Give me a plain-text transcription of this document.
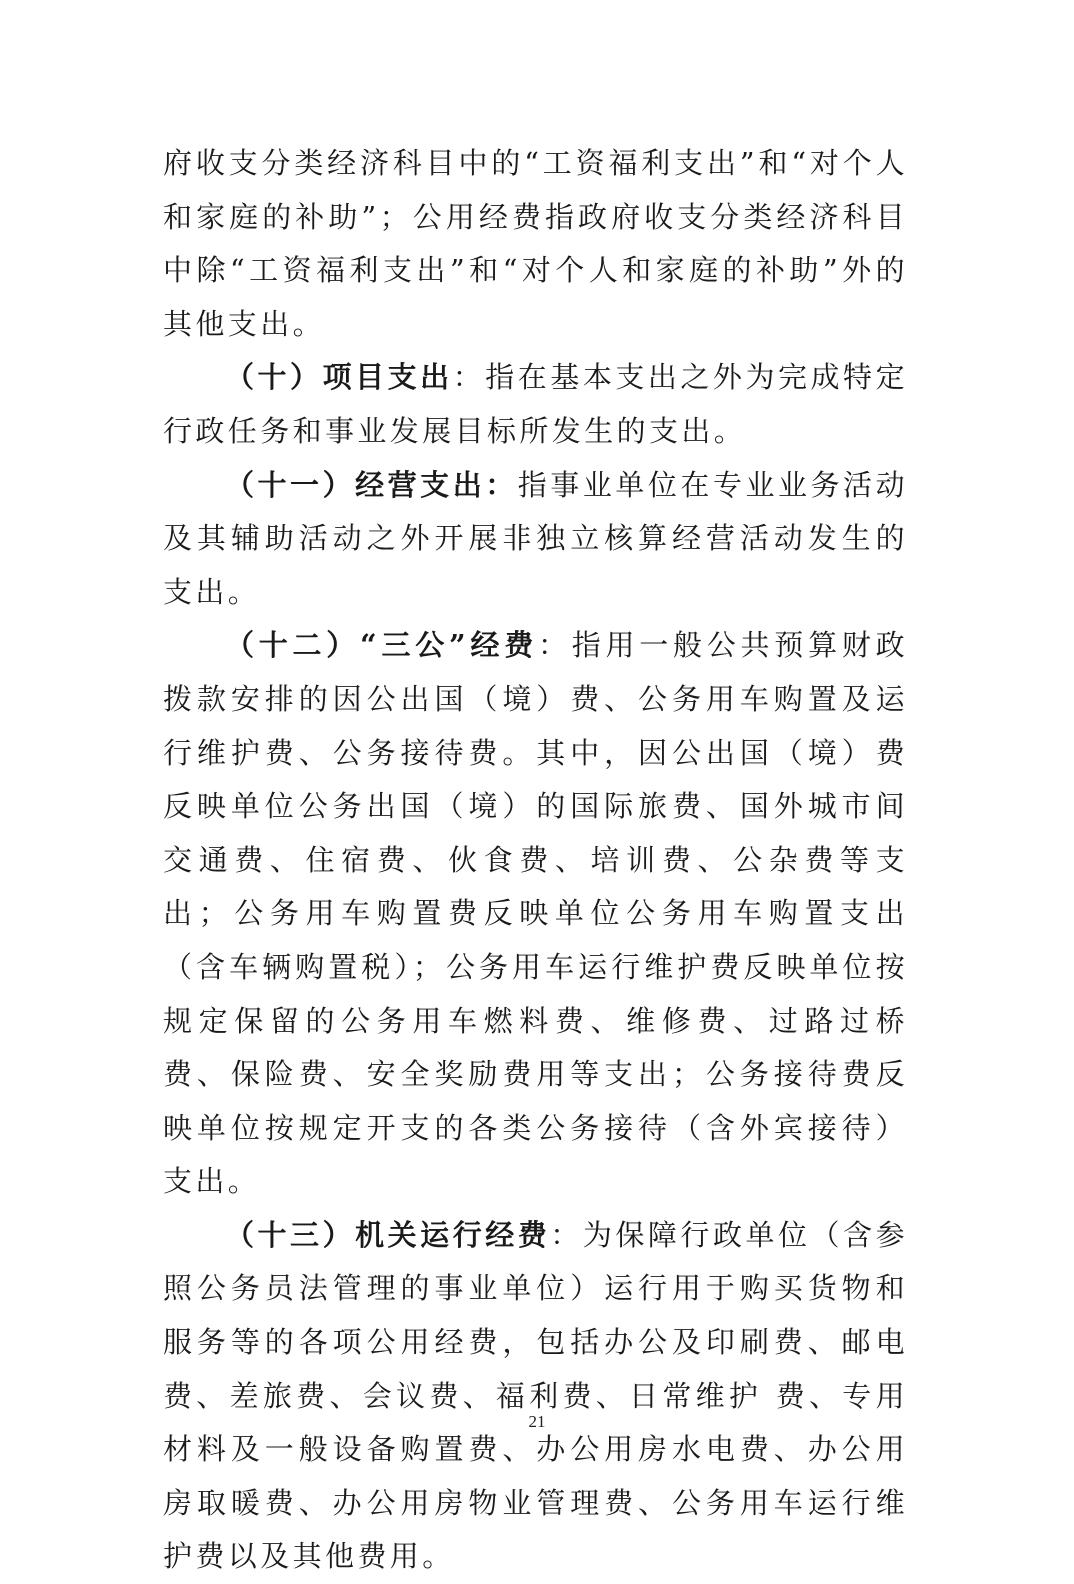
府收支分类经济科目中的“工资福利支出”和“对个人和家庭的补助”；公用经费指政府收支分类经济科目中除“工资福利支出”和“对个人和家庭的补助”外的其他支出。

（十）项目支出：指在基本支出之外为完成特定行政任务和事业发展目标所发生的支出。

（十一）经营支出：指事业单位在专业业务活动及其辅助活动之外开展非独立核算经营活动发生的支出。

（十二）“三公”经费：指用一般公共预算财政拨款安排的因公出国（境）费、公务用车购置及运行维护费、公务接待费。其中，因公出国（境）费反映单位公务出国（境）的国际旅费、国外城市间交通费、住宿费、伙食费、培训费、公杂费等支出；公务用车购置费反映单位公务用车购置支出（含车辆购置税）；公务用车运行维护费反映单位按规定保留的公务用车燃料费、维修费、过路过桥费、保险费、安全奖励费用等支出；公务接待费反映单位按规定开支的各类公务接待（含外宾接待）支出。

（十三）机关运行经费：为保障行政单位（含参照公务员法管理的事业单位）运行用于购买货物和服务等的各项公用经费，包括办公及印刷费、邮电费、差旅费、会议费、福利费、日常维护 费、专用材料及一般设备购置费、办公用房水电费、办公用房取暖费、办公用房物业管理费、公务用车运行维护费以及其他费用。

21
